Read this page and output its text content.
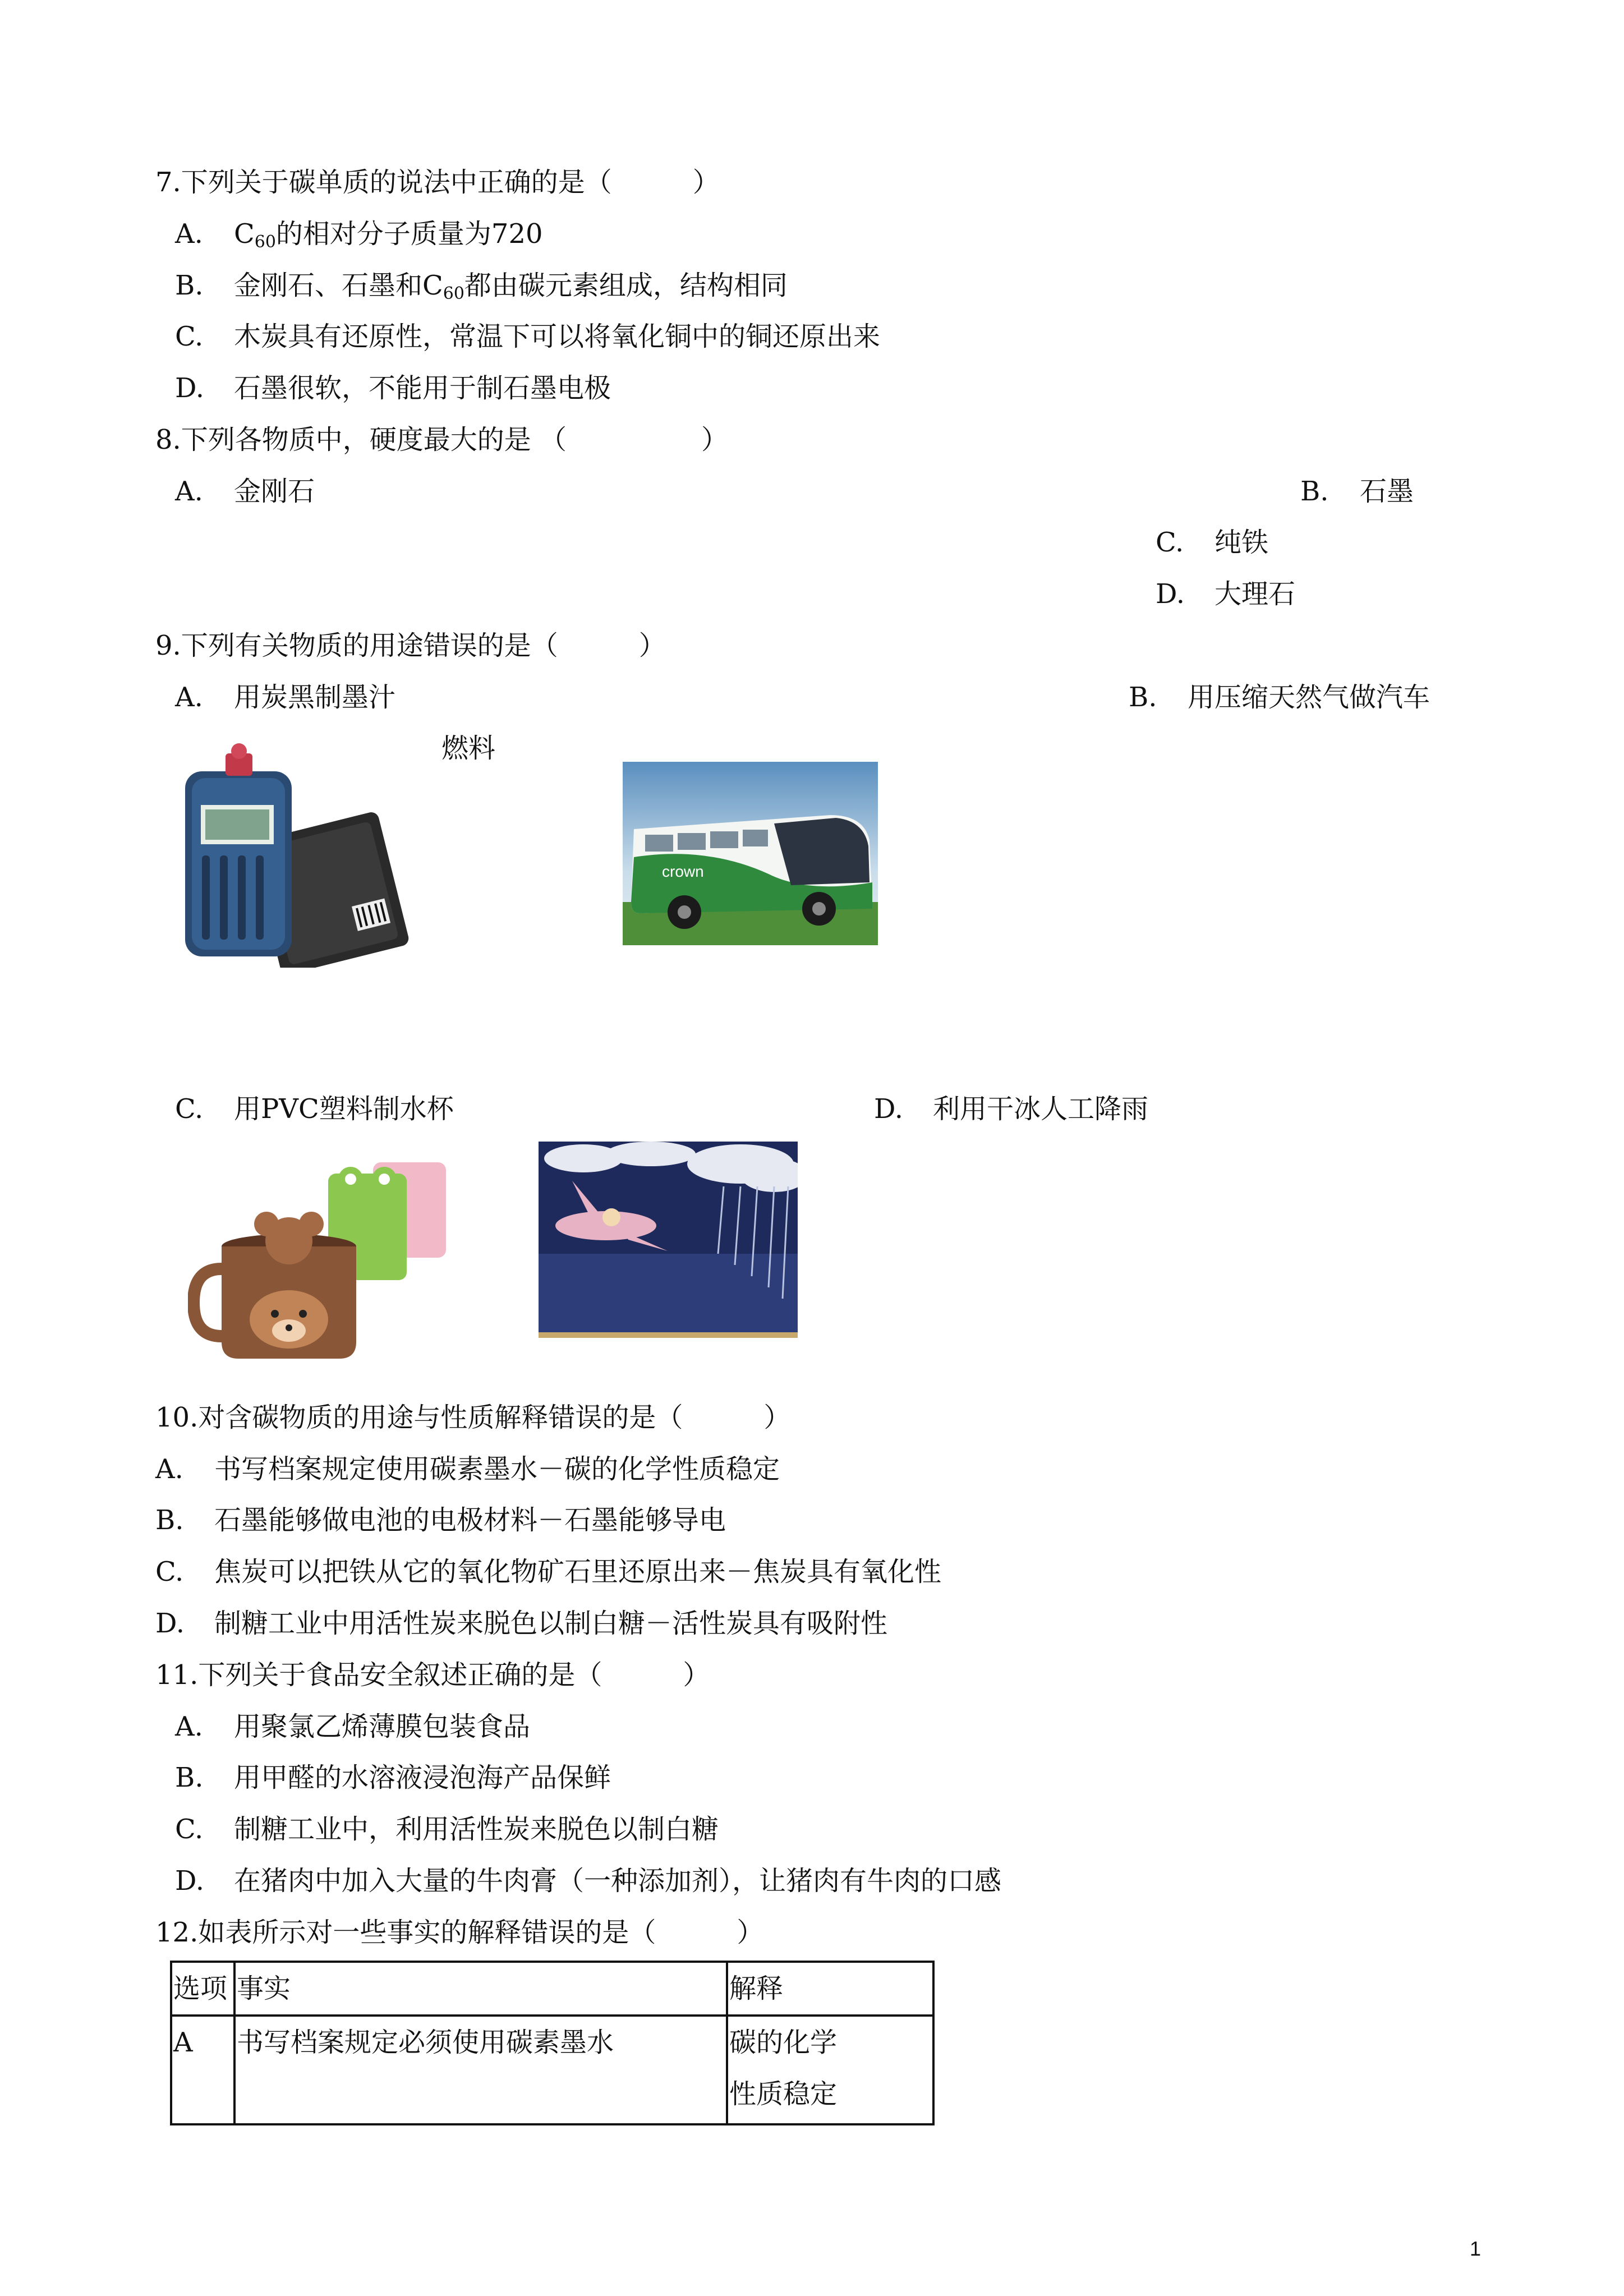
7.下列关于碳单质的说法中正确的是（　　　）
A. $C_{60}$的相对分子质量为720
B. 金刚石、石墨和$C_{60}$都由碳元素组成，结构相同
C. 木炭具有还原性，常温下可以将氧化铜中的铜还原出来
D. 石墨很软，不能用于制石墨电极
8.下列各物质中，硬度最大的是 （　　　　　）
A. 金刚石	B. 石墨
C. 纯铁
D. 大理石
9.下列有关物质的用途错误的是（　　　）
A. 用炭黑制墨汁	B. 用压缩天然气做汽车
燃料
crown
C. 用PVC塑料制水杯	D. 利用干冰人工降雨
10.对含碳物质的用途与性质解释错误的是（　　　）
A. 书写档案规定使用碳素墨水－碳的化学性质稳定
B. 石墨能够做电池的电极材料－石墨能够导电
C. 焦炭可以把铁从它的氧化物矿石里还原出来－焦炭具有氧化性
D. 制糖工业中用活性炭来脱色以制白糖－活性炭具有吸附性
11.下列关于食品安全叙述正确的是（　　　）
A. 用聚氯乙烯薄膜包装食品
B. 用甲醛的水溶液浸泡海产品保鲜
C. 制糖工业中，利用活性炭来脱色以制白糖
D. 在猪肉中加入大量的牛肉膏（一种添加剂），让猪肉有牛肉的口感
12.如表所示对一些事实的解释错误的是（　　　）
选项	事实	解释
A	书写档案规定必须使用碳素墨水	碳的化学
性质稳定
1
